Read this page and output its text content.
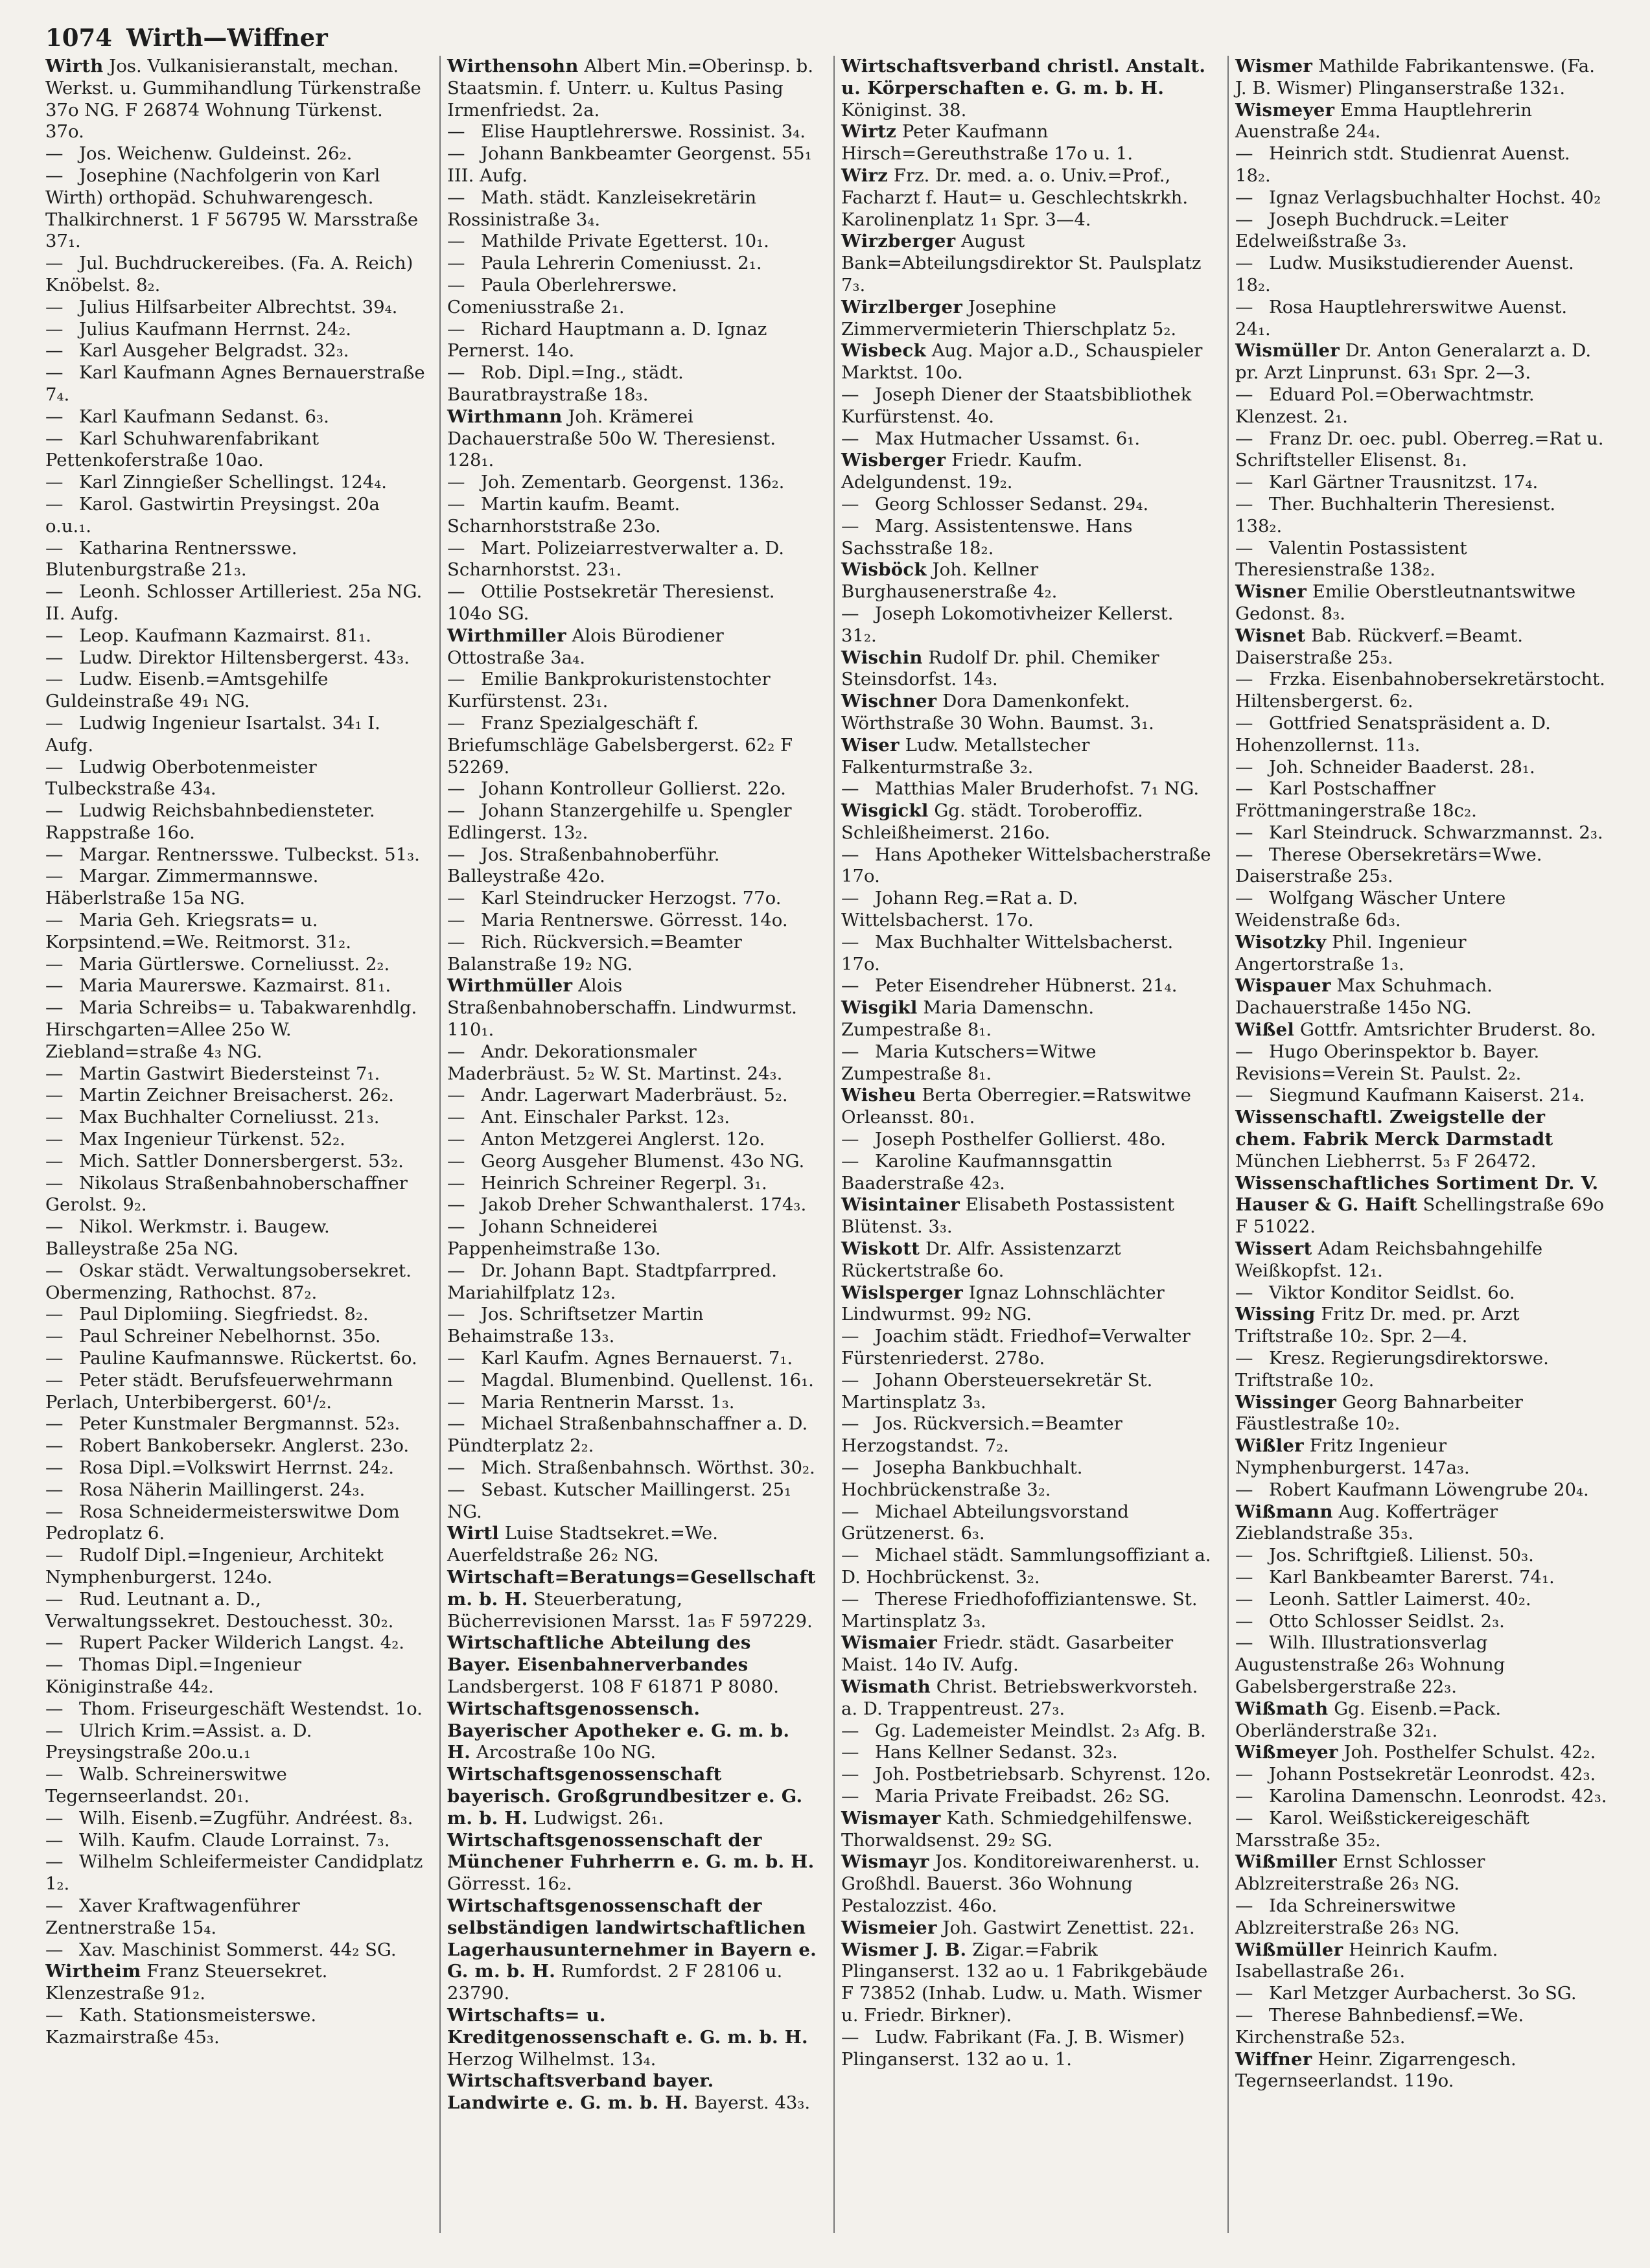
1074 Wirth—Wiffner
Wirth Jos. Vulkanisieranstalt, mechan. Werkst. u. Gummihandlung Türkenstraße 37o NG. F 26874 Wohnung Türkenst. 37o.
— Jos. Weichenw. Guldeinst. 26₂.
— Josephine (Nachfolgerin von Karl Wirth) orthopäd. Schuhwarengesch. Thalkirchnerst. 1 F 56795 W. Marsstraße 37₁.
— Jul. Buchdruckereibes. (Fa. A. Reich) Knöbelst. 8₂.
— Julius Hilfsarbeiter Albrechtst. 39₄.
— Julius Kaufmann Herrnst. 24₂.
— Karl Ausgeher Belgradst. 32₃.
— Karl Kaufmann Agnes Bernauerstraße 7₄.
— Karl Kaufmann Sedanst. 6₃.
— Karl Schuhwarenfabrikant Pettenkoferstraße 10ao.
— Karl Zinngießer Schellingst. 124₄.
— Karol. Gastwirtin Preysingst. 20a o.u.₁.
— Katharina Rentnersswe. Blutenburgstraße 21₃.
— Leonh. Schlosser Artilleriest. 25a NG. II. Aufg.
— Leop. Kaufmann Kazmairst. 81₁.
— Ludw. Direktor Hiltensbergerst. 43₃.
— Ludw. Eisenb.=Amtsgehilfe Guldeinstraße 49₁ NG.
— Ludwig Ingenieur Isartalst. 34₁ I. Aufg.
— Ludwig Oberbotenmeister Tulbeckstraße 43₄.
— Ludwig Reichsbahnbediensteter. Rappstraße 16o.
— Margar. Rentnersswe. Tulbeckst. 51₃.
— Margar. Zimmermannswe. Häberlstraße 15a NG.
— Maria Geh. Kriegsrats= u. Korpsintend.=We. Reitmorst. 31₂.
— Maria Gürtlerswe. Corneliusst. 2₂.
— Maria Maurerswe. Kazmairst. 81₁.
— Maria Schreibs= u. Tabakwarenhdlg. Hirschgarten=Allee 25o W. Ziebland=straße 4₃ NG.
— Martin Gastwirt Biedersteinst 7₁.
— Martin Zeichner Breisacherst. 26₂.
— Max Buchhalter Corneliusst. 21₃.
— Max Ingenieur Türkenst. 52₂.
— Mich. Sattler Donnersbergerst. 53₂.
— Nikolaus Straßenbahnoberschaffner Gerolst. 9₂.
— Nikol. Werkmstr. i. Baugew. Balleystraße 25a NG.
— Oskar städt. Verwaltungsobersekret. Obermenzing, Rathochst. 87₂.
— Paul Diplomiing. Siegfriedst. 8₂.
— Paul Schreiner Nebelhornst. 35o.
— Pauline Kaufmannswe. Rückertst. 6o.
— Peter städt. Berufsfeuerwehrmann Perlach, Unterbibergerst. 60¹/₂.
— Peter Kunstmaler Bergmannst. 52₃.
— Robert Bankobersekr. Anglerst. 23o.
— Rosa Dipl.=Volkswirt Herrnst. 24₂.
— Rosa Näherin Maillingerst. 24₃.
— Rosa Schneidermeisterswitwe Dom Pedroplatz 6.
— Rudolf Dipl.=Ingenieur, Architekt Nymphenburgerst. 124o.
— Rud. Leutnant a. D., Verwaltungssekret. Destouchesst. 30₂.
— Rupert Packer Wilderich Langst. 4₂.
— Thomas Dipl.=Ingenieur Königinstraße 44₂.
— Thom. Friseurgeschäft Westendst. 1o.
— Ulrich Krim.=Assist. a. D. Preysingstraße 20o.u.₁
— Walb. Schreinerswitwe Tegernseerlandst. 20₁.
— Wilh. Eisenb.=Zugführ. Andréest. 8₃.
— Wilh. Kaufm. Claude Lorrainst. 7₃.
— Wilhelm Schleifermeister Candidplatz 1₂.
— Xaver Kraftwagenführer Zentnerstraße 15₄.
— Xav. Maschinist Sommerst. 44₂ SG.
Wirtheim Franz Steuersekret. Klenzestraße 91₂.
— Kath. Stationsmeisterswe. Kazmairstraße 45₃.
Wirthensohn Albert Min.=Oberinsp. b. Staatsmin. f. Unterr. u. Kultus Pasing Irmenfriedst. 2a.
— Elise Hauptlehrerswe. Rossinist. 3₄.
— Johann Bankbeamter Georgenst. 55₁ III. Aufg.
— Math. städt. Kanzleisekretärin Rossinistraße 3₄.
— Mathilde Private Egetterst. 10₁.
— Paula Lehrerin Comeniusst. 2₁.
— Paula Oberlehrerswe. Comeniusstraße 2₁.
— Richard Hauptmann a. D. Ignaz Pernerst. 14o.
— Rob. Dipl.=Ing., städt. Bauratbraystraße 18₃.
Wirthmann Joh. Krämerei Dachauerstraße 50o W. Theresienst. 128₁.
— Joh. Zementarb. Georgenst. 136₂.
— Martin kaufm. Beamt. Scharnhorststraße 23o.
— Mart. Polizeiarrestverwalter a. D. Scharnhorstst. 23₁.
— Ottilie Postsekretär Theresienst. 104o SG.
Wirthmiller Alois Bürodiener Ottostraße 3a₄.
— Emilie Bankprokuristenstochter Kurfürstenst. 23₁.
— Franz Spezialgeschäft f. Briefumschläge Gabelsbergerst. 62₂ F 52269.
— Johann Kontrolleur Gollierst. 22o.
— Johann Stanzergehilfe u. Spengler Edlingerst. 13₂.
— Jos. Straßenbahnoberführ. Balleystraße 42o.
— Karl Steindrucker Herzogst. 77o.
— Maria Rentnerswe. Görresst. 14o.
— Rich. Rückversich.=Beamter Balanstraße 19₂ NG.
Wirthmüller Alois Straßenbahnoberschaffn. Lindwurmst. 110₁.
— Andr. Dekorationsmaler Maderbräust. 5₂ W. St. Martinst. 24₃.
— Andr. Lagerwart Maderbräust. 5₂.
— Ant. Einschaler Parkst. 12₃.
— Anton Metzgerei Anglerst. 12o.
— Georg Ausgeher Blumenst. 43o NG.
— Heinrich Schreiner Regerpl. 3₁.
— Jakob Dreher Schwanthalerst. 174₃.
— Johann Schneiderei Pappenheimstraße 13o.
— Dr. Johann Bapt. Stadtpfarrpred. Mariahilfplatz 12₃.
— Jos. Schriftsetzer Martin Behaimstraße 13₃.
— Karl Kaufm. Agnes Bernauerst. 7₁.
— Magdal. Blumenbind. Quellenst. 16₁.
— Maria Rentnerin Marsst. 1₃.
— Michael Straßenbahnschaffner a. D. Pündterplatz 2₂.
— Mich. Straßenbahnsch. Wörthst. 30₂.
— Sebast. Kutscher Maillingerst. 25₁ NG.
Wirtl Luise Stadtsekret.=We. Auerfeldstraße 26₂ NG.
Wirtschaft=Beratungs=Gesellschaft m. b. H. Steuerberatung, Bücherrevisionen Marsst. 1a₅ F 597229.
Wirtschaftliche Abteilung des Bayer. Eisenbahnerverbandes Landsbergerst. 108 F 61871 P 8080.
Wirtschaftsgenossensch. Bayerischer Apotheker e. G. m. b. H. Arcostraße 10o NG.
Wirtschaftsgenossenschaft bayerisch. Großgrundbesitzer e. G. m. b. H. Ludwigst. 26₁.
Wirtschaftsgenossenschaft der Münchener Fuhrherrn e. G. m. b. H. Görresst. 16₂.
Wirtschaftsgenossenschaft der selbständigen landwirtschaftlichen Lagerhausunternehmer in Bayern e. G. m. b. H. Rumfordst. 2 F 28106 u. 23790.
Wirtschafts= u. Kreditgenossenschaft e. G. m. b. H. Herzog Wilhelmst. 13₄.
Wirtschaftsverband bayer. Landwirte e. G. m. b. H. Bayerst. 43₃.
Wirtschaftsverband christl. Anstalt. u. Körperschaften e. G. m. b. H. Königinst. 38.
Wirtz Peter Kaufmann Hirsch=Gereuthstraße 17o u. 1.
Wirz Frz. Dr. med. a. o. Univ.=Prof., Facharzt f. Haut= u. Geschlechtskrkh. Karolinenplatz 1₁ Spr. 3—4.
Wirzberger August Bank=Abteilungsdirektor St. Paulsplatz 7₃.
Wirzlberger Josephine Zimmervermieterin Thierschplatz 5₂.
Wisbeck Aug. Major a.D., Schauspieler Marktst. 10o.
— Joseph Diener der Staatsbibliothek Kurfürstenst. 4o.
— Max Hutmacher Ussamst. 6₁.
Wisberger Friedr. Kaufm. Adelgundenst. 19₂.
— Georg Schlosser Sedanst. 29₄.
— Marg. Assistentenswe. Hans Sachsstraße 18₂.
Wisböck Joh. Kellner Burghausenerstraße 4₂.
— Joseph Lokomotivheizer Kellerst. 31₂.
Wischin Rudolf Dr. phil. Chemiker Steinsdorfst. 14₃.
Wischner Dora Damenkonfekt. Wörthstraße 30 Wohn. Baumst. 3₁.
Wiser Ludw. Metallstecher Falkenturmstraße 3₂.
— Matthias Maler Bruderhofst. 7₁ NG.
Wisgickl Gg. städt. Toroberoffiz. Schleißheimerst. 216o.
— Hans Apotheker Wittelsbacherstraße 17o.
— Johann Reg.=Rat a. D. Wittelsbacherst. 17o.
— Max Buchhalter Wittelsbacherst. 17o.
— Peter Eisendreher Hübnerst. 21₄.
Wisgikl Maria Damenschn. Zumpestraße 8₁.
— Maria Kutschers=Witwe Zumpestraße 8₁.
Wisheu Berta Oberregier.=Ratswitwe Orleansst. 80₁.
— Joseph Posthelfer Gollierst. 48o.
— Karoline Kaufmannsgattin Baaderstraße 42₃.
Wisintainer Elisabeth Postassistent Blütenst. 3₃.
Wiskott Dr. Alfr. Assistenzarzt Rückertstraße 6o.
Wislsperger Ignaz Lohnschlächter Lindwurmst. 99₂ NG.
— Joachim städt. Friedhof=Verwalter Fürstenriederst. 278o.
— Johann Obersteuersekretär St. Martinsplatz 3₃.
— Jos. Rückversich.=Beamter Herzogstandst. 7₂.
— Josepha Bankbuchhalt. Hochbrückenstraße 3₂.
— Michael Abteilungsvorstand Grützenerst. 6₃.
— Michael städt. Sammlungsoffiziant a. D. Hochbrückenst. 3₂.
— Therese Friedhofoffiziantenswe. St. Martinsplatz 3₃.
Wismaier Friedr. städt. Gasarbeiter Maist. 14o IV. Aufg.
Wismath Christ. Betriebswerkvorsteh. a. D. Trappentreust. 27₃.
— Gg. Lademeister Meindlst. 2₃ Afg. B.
— Hans Kellner Sedanst. 32₃.
— Joh. Postbetriebsarb. Schyrenst. 12o.
— Maria Private Freibadst. 26₂ SG.
Wismayer Kath. Schmiedgehilfenswe. Thorwaldsenst. 29₂ SG.
Wismayr Jos. Konditoreiwarenherst. u. Großhdl. Bauerst. 36o Wohnung Pestalozzist. 46o.
Wismeier Joh. Gastwirt Zenettist. 22₁.
Wismer J. B. Zigar.=Fabrik Plinganserst. 132 ao u. 1 Fabrikgebäude F 73852 (Inhab. Ludw. u. Math. Wismer u. Friedr. Birkner).
— Ludw. Fabrikant (Fa. J. B. Wismer) Plinganserst. 132 ao u. 1.
Wismer Mathilde Fabrikantenswe. (Fa. J. B. Wismer) Plinganserstraße 132₁.
Wismeyer Emma Hauptlehrerin Auenstraße 24₄.
— Heinrich stdt. Studienrat Auenst. 18₂.
— Ignaz Verlagsbuchhalter Hochst. 40₂
— Joseph Buchdruck.=Leiter Edelweißstraße 3₃.
— Ludw. Musikstudierender Auenst. 18₂.
— Rosa Hauptlehrerswitwe Auenst. 24₁.
Wismüller Dr. Anton Generalarzt a. D. pr. Arzt Linprunst. 63₁ Spr. 2—3.
— Eduard Pol.=Oberwachtmstr. Klenzest. 2₁.
— Franz Dr. oec. publ. Oberreg.=Rat u. Schriftsteller Elisenst. 8₁.
— Karl Gärtner Trausnitzst. 17₄.
— Ther. Buchhalterin Theresienst. 138₂.
— Valentin Postassistent Theresienstraße 138₂.
Wisner Emilie Oberstleutnantswitwe Gedonst. 8₃.
Wisnet Bab. Rückverf.=Beamt. Daiserstraße 25₃.
— Frzka. Eisenbahnobersekretärstocht. Hiltensbergerst. 6₂.
— Gottfried Senatspräsident a. D. Hohenzollernst. 11₃.
— Joh. Schneider Baaderst. 28₁.
— Karl Postschaffner Fröttmaningerstraße 18c₂.
— Karl Steindruck. Schwarzmannst. 2₃.
— Therese Obersekretärs=Wwe. Daiserstraße 25₃.
— Wolfgang Wäscher Untere Weidenstraße 6d₃.
Wisotzky Phil. Ingenieur Angertorstraße 1₃.
Wispauer Max Schuhmach. Dachauerstraße 145o NG.
Wißel Gottfr. Amtsrichter Bruderst. 8o.
— Hugo Oberinspektor b. Bayer. Revisions=Verein St. Paulst. 2₂.
— Siegmund Kaufmann Kaiserst. 21₄.
Wissenschaftl. Zweigstelle der chem. Fabrik Merck Darmstadt München Liebherrst. 5₃ F 26472.
Wissenschaftliches Sortiment Dr. V. Hauser & G. Haift Schellingstraße 69o F 51022.
Wissert Adam Reichsbahngehilfe Weißkopfst. 12₁.
— Viktor Konditor Seidlst. 6o.
Wissing Fritz Dr. med. pr. Arzt Triftstraße 10₂. Spr. 2—4.
— Kresz. Regierungsdirektorswe. Triftstraße 10₂.
Wissinger Georg Bahnarbeiter Fäustlestraße 10₂.
Wißler Fritz Ingenieur Nymphenburgerst. 147a₃.
— Robert Kaufmann Löwengrube 20₄.
Wißmann Aug. Kofferträger Zieblandstraße 35₃.
— Jos. Schriftgieß. Lilienst. 50₃.
— Karl Bankbeamter Barerst. 74₁.
— Leonh. Sattler Laimerst. 40₂.
— Otto Schlosser Seidlst. 2₃.
— Wilh. Illustrationsverlag Augustenstraße 26₃ Wohnung Gabelsbergerstraße 22₃.
Wißmath Gg. Eisenb.=Pack. Oberländerstraße 32₁.
Wißmeyer Joh. Posthelfer Schulst. 42₂.
— Johann Postsekretär Leonrodst. 42₃.
— Karolina Damenschn. Leonrodst. 42₃.
— Karol. Weißstickereigeschäft Marsstraße 35₂.
Wißmiller Ernst Schlosser Ablzreiterstraße 26₃ NG.
— Ida Schreinerswitwe Ablzreiterstraße 26₃ NG.
Wißmüller Heinrich Kaufm. Isabellastraße 26₁.
— Karl Metzger Aurbacherst. 3o SG.
— Therese Bahnbediensf.=We. Kirchenstraße 52₃.
Wiffner Heinr. Zigarrengesch. Tegernseerlandst. 119o.
